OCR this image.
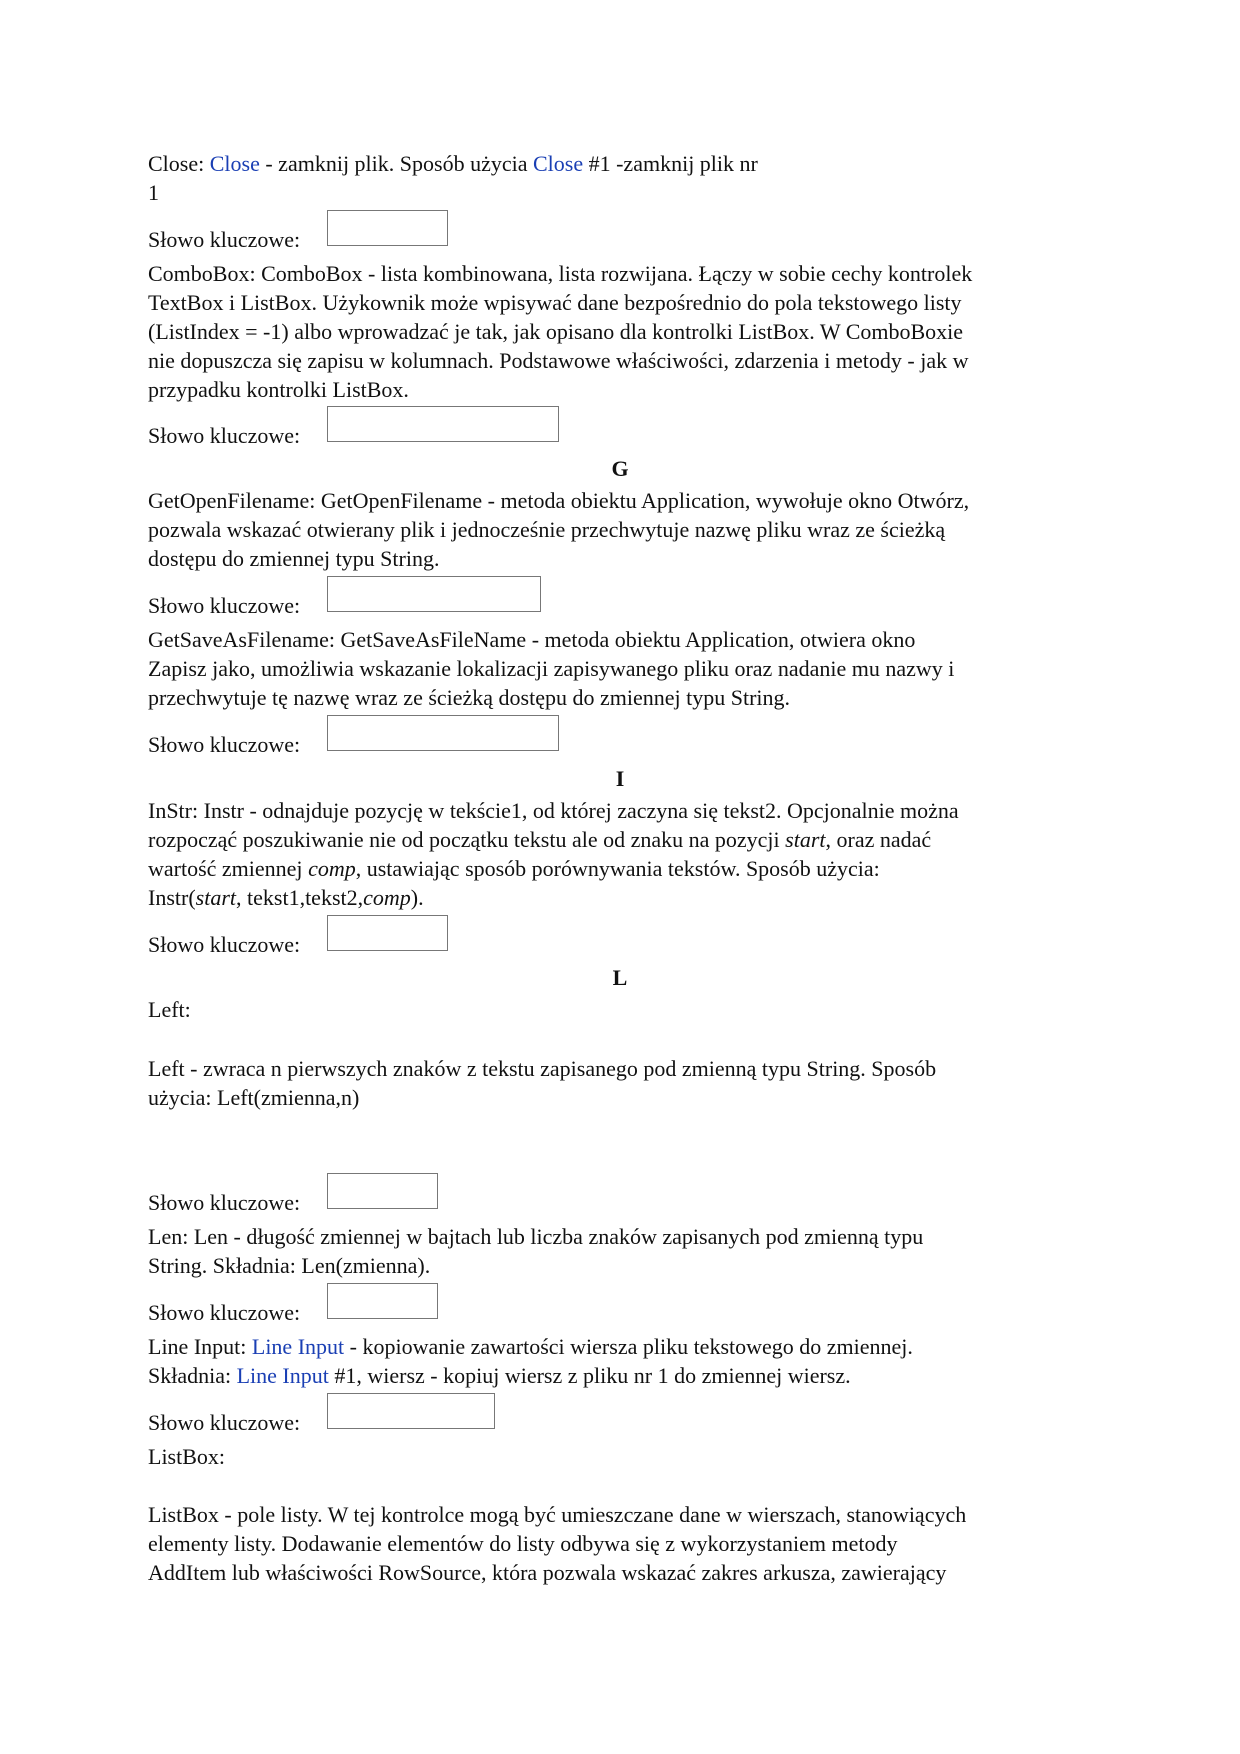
Close: Close - zamknij plik. Sposób użycia Close #1 -zamknij plik nr
1
Słowo kluczowe:
ComboBox: ComboBox - lista kombinowana, lista rozwijana. Łączy w sobie cechy kontrolek
TextBox i ListBox. Użykownik może wpisywać dane bezpośrednio do pola tekstowego listy
(ListIndex = -1) albo wprowadzać je tak, jak opisano dla kontrolki ListBox. W ComboBoxie
nie dopuszcza się zapisu w kolumnach. Podstawowe właściwości, zdarzenia i metody - jak w
przypadku kontrolki ListBox.
Słowo kluczowe:
G
GetOpenFilename: GetOpenFilename - metoda obiektu Application, wywołuje okno Otwórz,
pozwala wskazać otwierany plik i jednocześnie przechwytuje nazwę pliku wraz ze ścieżką
dostępu do zmiennej typu String.
Słowo kluczowe:
GetSaveAsFilename: GetSaveAsFileName - metoda obiektu Application, otwiera okno
Zapisz jako, umożliwia wskazanie lokalizacji zapisywanego pliku oraz nadanie mu nazwy i
przechwytuje tę nazwę wraz ze ścieżką dostępu do zmiennej typu String.
Słowo kluczowe:
I
InStr: Instr - odnajduje pozycję w tekście1, od której zaczyna się tekst2. Opcjonalnie można
rozpocząć poszukiwanie nie od początku tekstu ale od znaku na pozycji start, oraz nadać
wartość zmiennej comp, ustawiając sposób porównywania tekstów. Sposób użycia:
Instr(start, tekst1,tekst2,comp).
Słowo kluczowe:
L
Left:
Left - zwraca n pierwszych znaków z tekstu zapisanego pod zmienną typu String. Sposób
użycia: Left(zmienna,n)
Słowo kluczowe:
Len: Len - długość zmiennej w bajtach lub liczba znaków zapisanych pod zmienną typu
String. Składnia: Len(zmienna).
Słowo kluczowe:
Line Input: Line Input - kopiowanie zawartości wiersza pliku tekstowego do zmiennej.
Składnia: Line Input #1, wiersz - kopiuj wiersz z pliku nr 1 do zmiennej wiersz.
Słowo kluczowe:
ListBox:
ListBox - pole listy. W tej kontrolce mogą być umieszczane dane w wierszach, stanowiących
elementy listy. Dodawanie elementów do listy odbywa się z wykorzystaniem metody
AddItem lub właściwości RowSource, która pozwala wskazać zakres arkusza, zawierający
